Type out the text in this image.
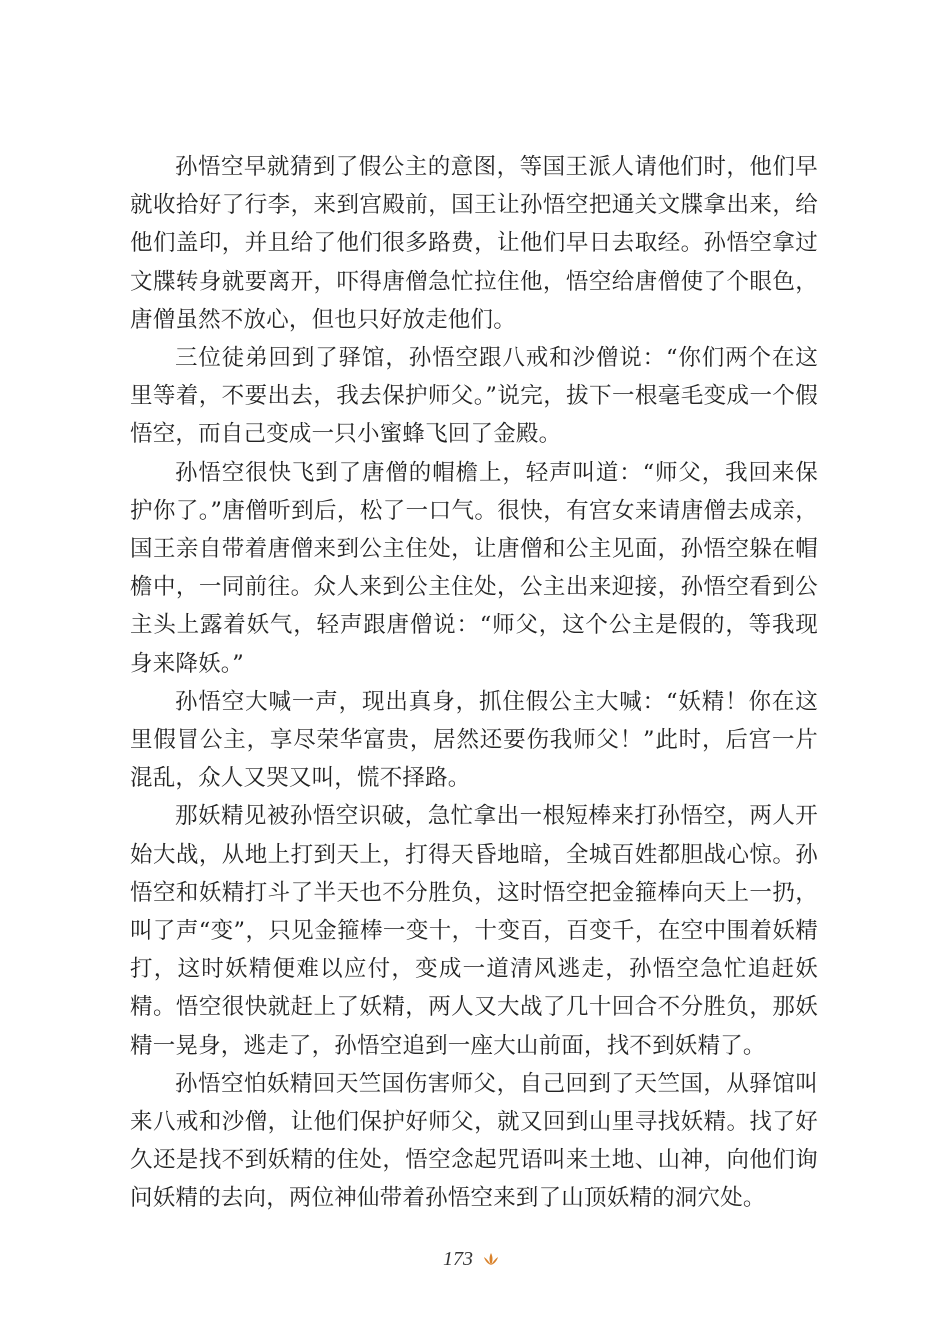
孙悟空早就猜到了假公主的意图，等国王派人请他们时，他们早就收拾好了行李，来到宫殿前，国王让孙悟空把通关文牒拿出来，给他们盖印，并且给了他们很多路费，让他们早日去取经。孙悟空拿过文牒转身就要离开，吓得唐僧急忙拉住他，悟空给唐僧使了个眼色，唐僧虽然不放心，但也只好放走他们。

三位徒弟回到了驿馆，孙悟空跟八戒和沙僧说：“你们两个在这里等着，不要出去，我去保护师父。”说完，拔下一根毫毛变成一个假悟空，而自己变成一只小蜜蜂飞回了金殿。

孙悟空很快飞到了唐僧的帽檐上，轻声叫道：“师父，我回来保护你了。”唐僧听到后，松了一口气。很快，有宫女来请唐僧去成亲，国王亲自带着唐僧来到公主住处，让唐僧和公主见面，孙悟空躲在帽檐中，一同前往。众人来到公主住处，公主出来迎接，孙悟空看到公主头上露着妖气，轻声跟唐僧说：“师父，这个公主是假的，等我现身来降妖。”

孙悟空大喊一声，现出真身，抓住假公主大喊：“妖精！你在这里假冒公主，享尽荣华富贵，居然还要伤我师父！”此时，后宫一片混乱，众人又哭又叫，慌不择路。

那妖精见被孙悟空识破，急忙拿出一根短棒来打孙悟空，两人开始大战，从地上打到天上，打得天昏地暗，全城百姓都胆战心惊。孙悟空和妖精打斗了半天也不分胜负，这时悟空把金箍棒向天上一扔，叫了声“变”，只见金箍棒一变十，十变百，百变千，在空中围着妖精打，这时妖精便难以应付，变成一道清风逃走，孙悟空急忙追赶妖精。悟空很快就赶上了妖精，两人又大战了几十回合不分胜负，那妖精一晃身，逃走了，孙悟空追到一座大山前面，找不到妖精了。

孙悟空怕妖精回天竺国伤害师父，自己回到了天竺国，从驿馆叫来八戒和沙僧，让他们保护好师父，就又回到山里寻找妖精。找了好久还是找不到妖精的住处，悟空念起咒语叫来土地、山神，向他们询问妖精的去向，两位神仙带着孙悟空来到了山顶妖精的洞穴处。

173
